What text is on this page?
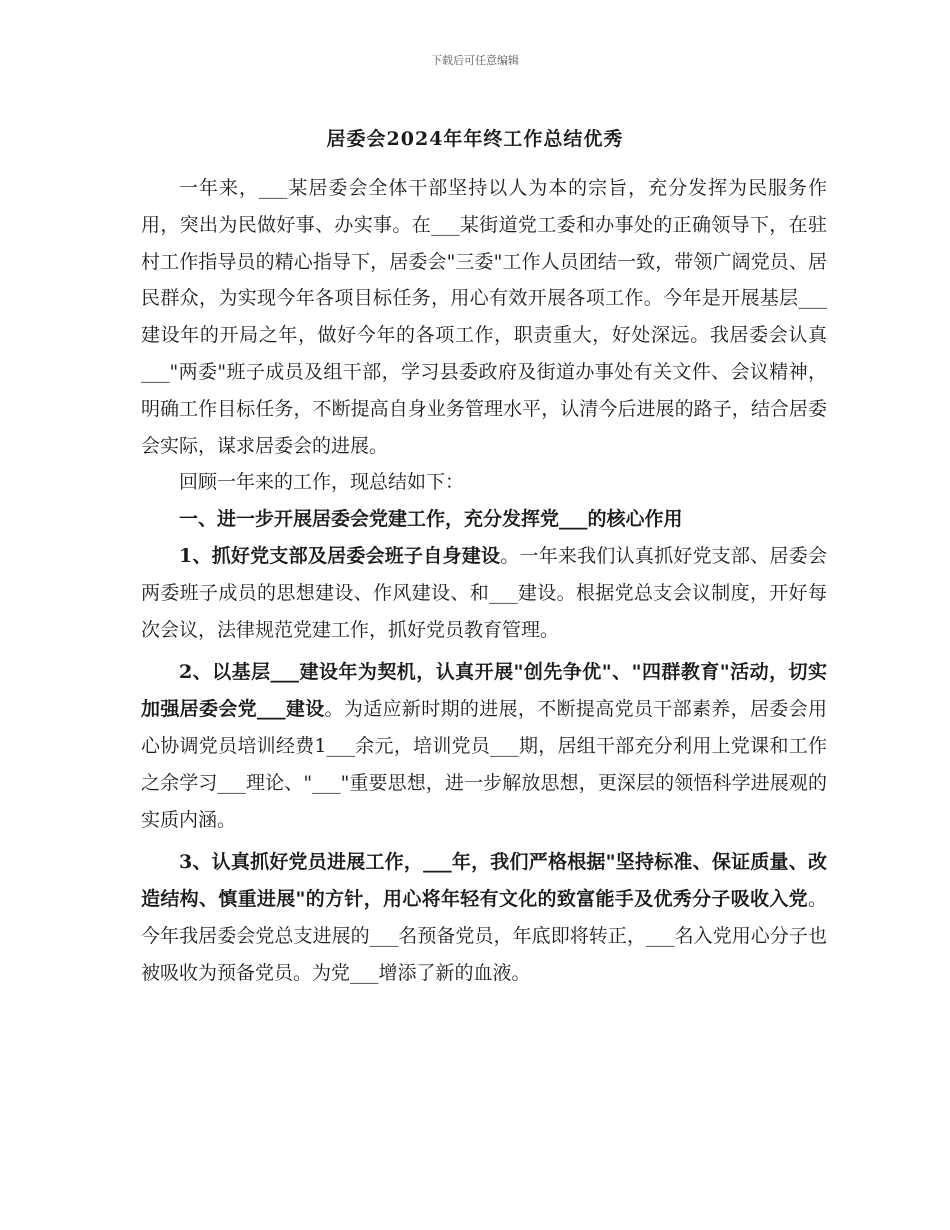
下载后可任意编辑
居委会2024年年终工作总结优秀

一年来，___某居委会全体干部坚持以人为本的宗旨，充分发挥为民服务作用，突出为民做好事、办实事。在___某街道党工委和办事处的正确领导下，在驻村工作指导员的精心指导下，居委会"三委"工作人员团结一致，带领广阔党员、居民群众，为实现今年各项目标任务，用心有效开展各项工作。今年是开展基层___建设年的开局之年，做好今年的各项工作，职责重大，好处深远。我居委会认真___"两委"班子成员及组干部，学习县委政府及街道办事处有关文件、会议精神，明确工作目标任务，不断提高自身业务管理水平，认清今后进展的路子，结合居委会实际，谋求居委会的进展。

回顾一年来的工作，现总结如下：

一、进一步开展居委会党建工作，充分发挥党___的核心作用

1、抓好党支部及居委会班子自身建设。一年来我们认真抓好党支部、居委会两委班子成员的思想建设、作风建设、和___建设。根据党总支会议制度，开好每次会议，法律规范党建工作，抓好党员教育管理。

2、以基层___建设年为契机，认真开展"创先争优"、"四群教育"活动，切实加强居委会党___建设。为适应新时期的进展，不断提高党员干部素养，居委会用心协调党员培训经费1___余元，培训党员___期，居组干部充分利用上党课和工作之余学习___理论、"___"重要思想，进一步解放思想，更深层的领悟科学进展观的实质内涵。

3、认真抓好党员进展工作，___年，我们严格根据"坚持标准、保证质量、改造结构、慎重进展"的方针，用心将年轻有文化的致富能手及优秀分子吸收入党。今年我居委会党总支进展的___名预备党员，年底即将转正，___名入党用心分子也被吸收为预备党员。为党___增添了新的血液。
